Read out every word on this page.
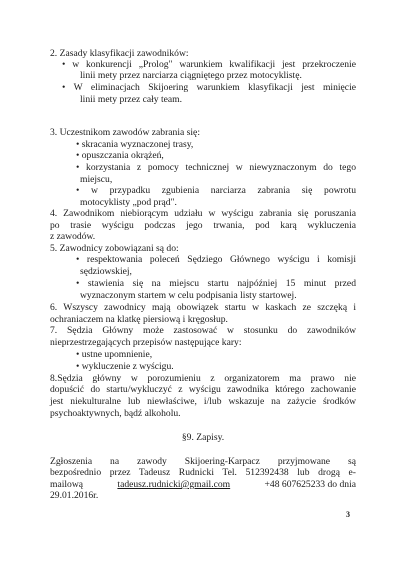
2. Zasady klasyfikacji zawodników:
• w konkurencji „Prolog" warunkiem kwalifikacji jest przekroczenie
linii mety przez narciarza ciągniętego przez motocyklistę.
• W eliminacjach Skijoering warunkiem klasyfikacji jest minięcie
linii mety przez cały team.
3. Uczestnikom zawodów zabrania się:
• skracania wyznaczonej trasy,
• opuszczania okrążeń,
• korzystania z pomocy technicznej w niewyznaczonym do tego
miejscu,
• w przypadku zgubienia narciarza zabrania się powrotu
motocyklisty „pod prąd".
4. Zawodnikom niebiorącym udziału w wyścigu zabrania się poruszania
po trasie wyścigu podczas jego trwania, pod karą wykluczenia
z zawodów.
5. Zawodnicy zobowiązani są do:
• respektowania poleceń Sędziego Głównego wyścigu i komisji
sędziowskiej,
• stawienia się na miejscu startu najpóźniej 15 minut przed
wyznaczonym startem w celu podpisania listy startowej.
6. Wszyscy zawodnicy mają obowiązek startu w kaskach ze szczęką i
ochraniaczem na klatkę piersiową i kręgosłup.
7. Sędzia Główny może zastosować w stosunku do zawodników
nieprzestrzegających przepisów następujące kary:
• ustne upomnienie,
• wykluczenie z wyścigu.
8.Sędzia główny w porozumieniu z organizatorem ma prawo nie
dopuścić do startu/wykluczyć z wyścigu zawodnika którego zachowanie
jest niekulturalne lub niewłaściwe, i/lub wskazuje na zażycie środków
psychoaktywnych, bądź alkoholu.
§9. Zapisy.
Zgłoszenia na zawody Skijoering-Karpacz przyjmowane są
bezpośrednio przez Tadeusz Rudnicki Tel. 512392438 lub drogą e-
mailową	tadeusz.rudnicki@gmail.com	+48 607625233 do dnia
29.01.2016r.
3
